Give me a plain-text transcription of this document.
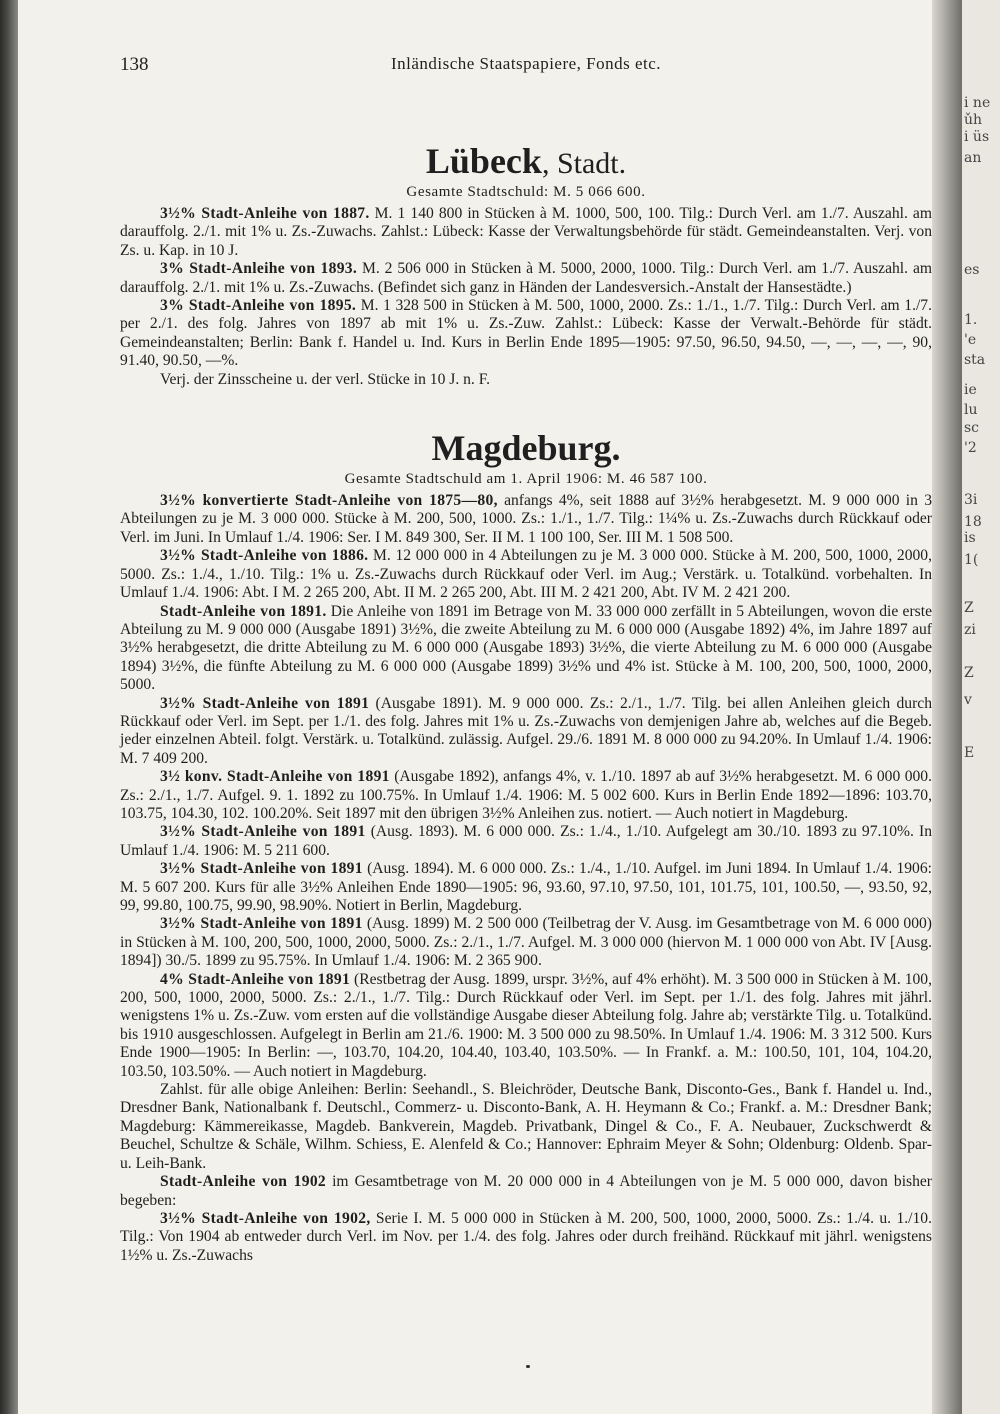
138	Inländische Staatspapiere, Fonds etc.
Lübeck, Stadt.
Gesamte Stadtschuld: M. 5 066 600.

3½% Stadt-Anleihe von 1887. M. 1 140 800 in Stücken à M. 1000, 500, 100. Tilg.: Durch Verl. am 1./7. Auszahl. am darauffolg. 2./1. mit 1% u. Zs.-Zuwachs. Zahlst.: Lübeck: Kasse der Verwaltungsbehörde für städt. Gemeindeanstalten. Verj. von Zs. u. Kap. in 10 J.

3% Stadt-Anleihe von 1893. M. 2 506 000 in Stücken à M. 5000, 2000, 1000. Tilg.: Durch Verl. am 1./7. Auszahl. am darauffolg. 2./1. mit 1% u. Zs.-Zuwachs. (Befindet sich ganz in Händen der Landesversich.-Anstalt der Hansestädte.)

3% Stadt-Anleihe von 1895. M. 1 328 500 in Stücken à M. 500, 1000, 2000. Zs.: 1./1., 1./7. Tilg.: Durch Verl. am 1./7. per 2./1. des folg. Jahres von 1897 ab mit 1% u. Zs.-Zuw. Zahlst.: Lübeck: Kasse der Verwalt.-Behörde für städt. Gemeindeanstalten; Berlin: Bank f. Handel u. Ind. Kurs in Berlin Ende 1895—1905: 97.50, 96.50, 94.50, —, —, —, —, 90, 91.40, 90.50, —%.

Verj. der Zinsscheine u. der verl. Stücke in 10 J. n. F.

Magdeburg.
Gesamte Stadtschuld am 1. April 1906: M. 46 587 100.

3½% konvertierte Stadt-Anleihe von 1875—80, anfangs 4%, seit 1888 auf 3½% herabgesetzt. M. 9 000 000 in 3 Abteilungen zu je M. 3 000 000. Stücke à M. 200, 500, 1000. Zs.: 1./1., 1./7. Tilg.: 1¼% u. Zs.-Zuwachs durch Rückkauf oder Verl. im Juni. In Umlauf 1./4. 1906: Ser. I M. 849 300, Ser. II M. 1 100 100, Ser. III M. 1 508 500.

3½% Stadt-Anleihe von 1886. M. 12 000 000 in 4 Abteilungen zu je M. 3 000 000. Stücke à M. 200, 500, 1000, 2000, 5000. Zs.: 1./4., 1./10. Tilg.: 1% u. Zs.-Zuwachs durch Rückkauf oder Verl. im Aug.; Verstärk. u. Totalkünd. vorbehalten. In Umlauf 1./4. 1906: Abt. I M. 2 265 200, Abt. II M. 2 265 200, Abt. III M. 2 421 200, Abt. IV M. 2 421 200.

Stadt-Anleihe von 1891. Die Anleihe von 1891 im Betrage von M. 33 000 000 zerfällt in 5 Abteilungen, wovon die erste Abteilung zu M. 9 000 000 (Ausgabe 1891) 3½%, die zweite Abteilung zu M. 6 000 000 (Ausgabe 1892) 4%, im Jahre 1897 auf 3½% herabgesetzt, die dritte Abteilung zu M. 6 000 000 (Ausgabe 1893) 3½%, die vierte Abteilung zu M. 6 000 000 (Ausgabe 1894) 3½%, die fünfte Abteilung zu M. 6 000 000 (Ausgabe 1899) 3½% und 4% ist. Stücke à M. 100, 200, 500, 1000, 2000, 5000.

3½% Stadt-Anleihe von 1891 (Ausgabe 1891). M. 9 000 000. Zs.: 2./1., 1./7. Tilg. bei allen Anleihen gleich durch Rückkauf oder Verl. im Sept. per 1./1. des folg. Jahres mit 1% u. Zs.-Zuwachs von demjenigen Jahre ab, welches auf die Begeb. jeder einzelnen Abteil. folgt. Verstärk. u. Totalkünd. zulässig. Aufgel. 29./6. 1891 M. 8 000 000 zu 94.20%. In Umlauf 1./4. 1906: M. 7 409 200.

3½ konv. Stadt-Anleihe von 1891 (Ausgabe 1892), anfangs 4%, v. 1./10. 1897 ab auf 3½% herabgesetzt. M. 6 000 000. Zs.: 2./1., 1./7. Aufgel. 9. 1. 1892 zu 100.75%. In Umlauf 1./4. 1906: M. 5 002 600. Kurs in Berlin Ende 1892—1896: 103.70, 103.75, 104.30, 102. 100.20%. Seit 1897 mit den übrigen 3½% Anleihen zus. notiert. — Auch notiert in Magdeburg.

3½% Stadt-Anleihe von 1891 (Ausg. 1893). M. 6 000 000. Zs.: 1./4., 1./10. Aufgelegt am 30./10. 1893 zu 97.10%. In Umlauf 1./4. 1906: M. 5 211 600.

3½% Stadt-Anleihe von 1891 (Ausg. 1894). M. 6 000 000. Zs.: 1./4., 1./10. Aufgel. im Juni 1894. In Umlauf 1./4. 1906: M. 5 607 200. Kurs für alle 3½% Anleihen Ende 1890—1905: 96, 93.60, 97.10, 97.50, 101, 101.75, 101, 100.50, —, 93.50, 92, 99, 99.80, 100.75, 99.90, 98.90%. Notiert in Berlin, Magdeburg.

3½% Stadt-Anleihe von 1891 (Ausg. 1899) M. 2 500 000 (Teilbetrag der V. Ausg. im Gesamtbetrage von M. 6 000 000) in Stücken à M. 100, 200, 500, 1000, 2000, 5000. Zs.: 2./1., 1./7. Aufgel. M. 3 000 000 (hiervon M. 1 000 000 von Abt. IV [Ausg. 1894]) 30./5. 1899 zu 95.75%. In Umlauf 1./4. 1906: M. 2 365 900.

4% Stadt-Anleihe von 1891 (Restbetrag der Ausg. 1899, urspr. 3½%, auf 4% erhöht). M. 3 500 000 in Stücken à M. 100, 200, 500, 1000, 2000, 5000. Zs.: 2./1., 1./7. Tilg.: Durch Rückkauf oder Verl. im Sept. per 1./1. des folg. Jahres mit jährl. wenigstens 1% u. Zs.-Zuw. vom ersten auf die vollständige Ausgabe dieser Abteilung folg. Jahre ab; verstärkte Tilg. u. Totalkünd. bis 1910 ausgeschlossen. Aufgelegt in Berlin am 21./6. 1900: M. 3 500 000 zu 98.50%. In Umlauf 1./4. 1906: M. 3 312 500. Kurs Ende 1900—1905: In Berlin: —, 103.70, 104.20, 104.40, 103.40, 103.50%. — In Frankf. a. M.: 100.50, 101, 104, 104.20, 103.50, 103.50%. — Auch notiert in Magdeburg.

Zahlst. für alle obige Anleihen: Berlin: Seehandl., S. Bleichröder, Deutsche Bank, Disconto-Ges., Bank f. Handel u. Ind., Dresdner Bank, Nationalbank f. Deutschl., Commerz- u. Disconto-Bank, A. H. Heymann & Co.; Frankf. a. M.: Dresdner Bank; Magdeburg: Kämmereikasse, Magdeb. Bankverein, Magdeb. Privatbank, Dingel & Co., F. A. Neubauer, Zuckschwerdt & Beuchel, Schultze & Schäle, Wilhm. Schiess, E. Alenfeld & Co.; Hannover: Ephraim Meyer & Sohn; Oldenburg: Oldenb. Spar- u. Leih-Bank.

Stadt-Anleihe von 1902 im Gesamtbetrage von M. 20 000 000 in 4 Abteilungen von je M. 5 000 000, davon bisher begeben:

3½% Stadt-Anleihe von 1902, Serie I. M. 5 000 000 in Stücken à M. 200, 500, 1000, 2000, 5000. Zs.: 1./4. u. 1./10. Tilg.: Von 1904 ab entweder durch Verl. im Nov. per 1./4. des folg. Jahres oder durch freihänd. Rückkauf mit jährl. wenigstens 1½% u. Zs.-Zuwachs

i ne
ǔh
i üs
an
es
1.
'e
sta
ie
lu
sc
'2
3i
18
is
1(
Z
zi
Z
v
E
